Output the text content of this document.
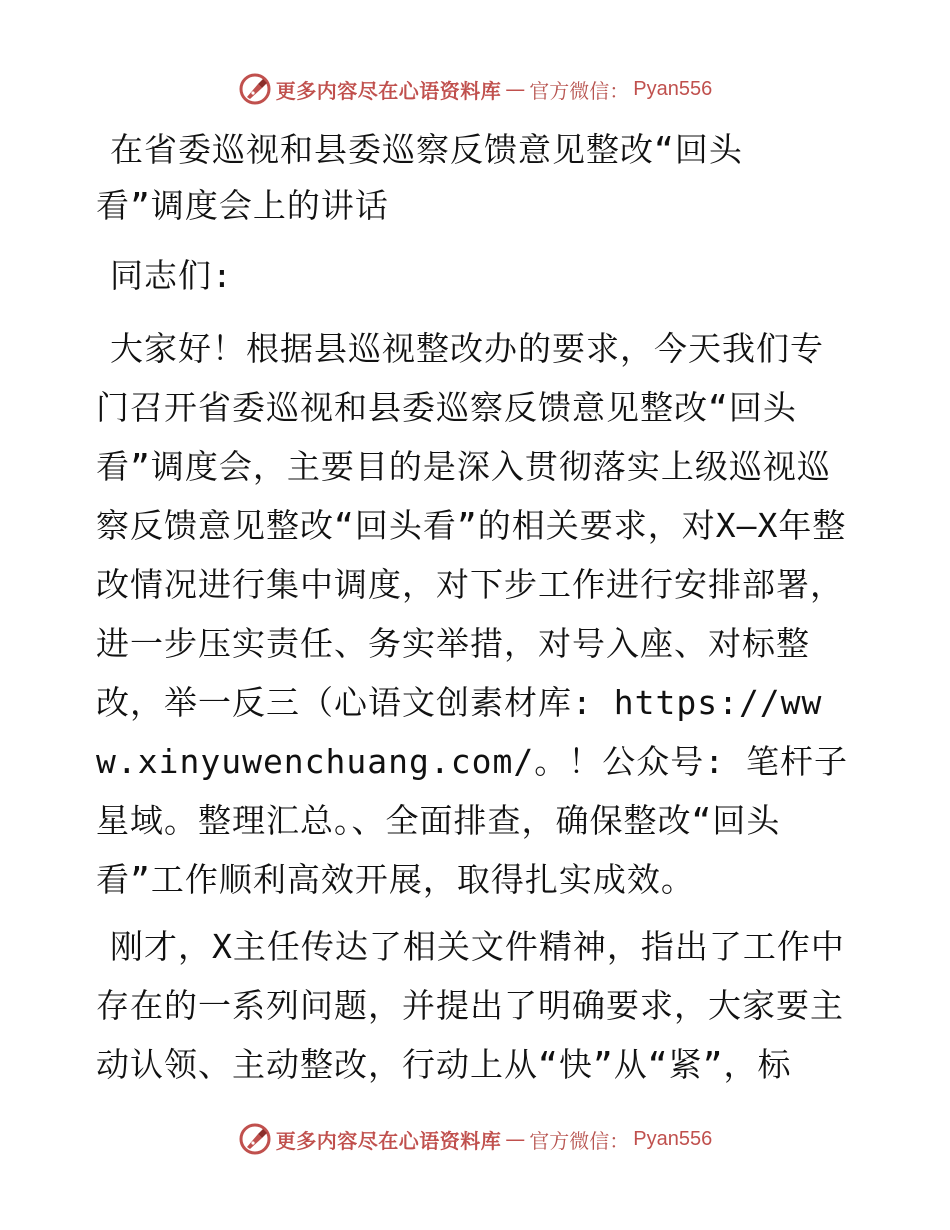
更多内容尽在心语资料库 — 官方微信： Pyan556
在省委巡视和县委巡察反馈意见整改“回头
看”调度会上的讲话

同志们:

大家好！根据县巡视整改办的要求，今天我们专门召开省委巡视和县委巡察反馈意见整改“回头看”调度会，主要目的是深入贯彻落实上级巡视巡察反馈意见整改“回头看”的相关要求，对X—X年整改情况进行集中调度，对下步工作进行安排部署，进一步压实责任、务实举措，对号入座、对标整改，举一反三（心语文创素材库: https://www.xinyuwenchuang.com/。！公众号: 笔杆子星域。整理汇总。、全面排查，确保整改“回头看”工作顺利高效开展，取得扎实成效。

刚才，X主任传达了相关文件精神，指出了工作中存在的一系列问题，并提出了明确要求，大家要主动认领、主动整改，行动上从“快”从“紧”，标

更多内容尽在心语资料库 — 官方微信： Pyan556
